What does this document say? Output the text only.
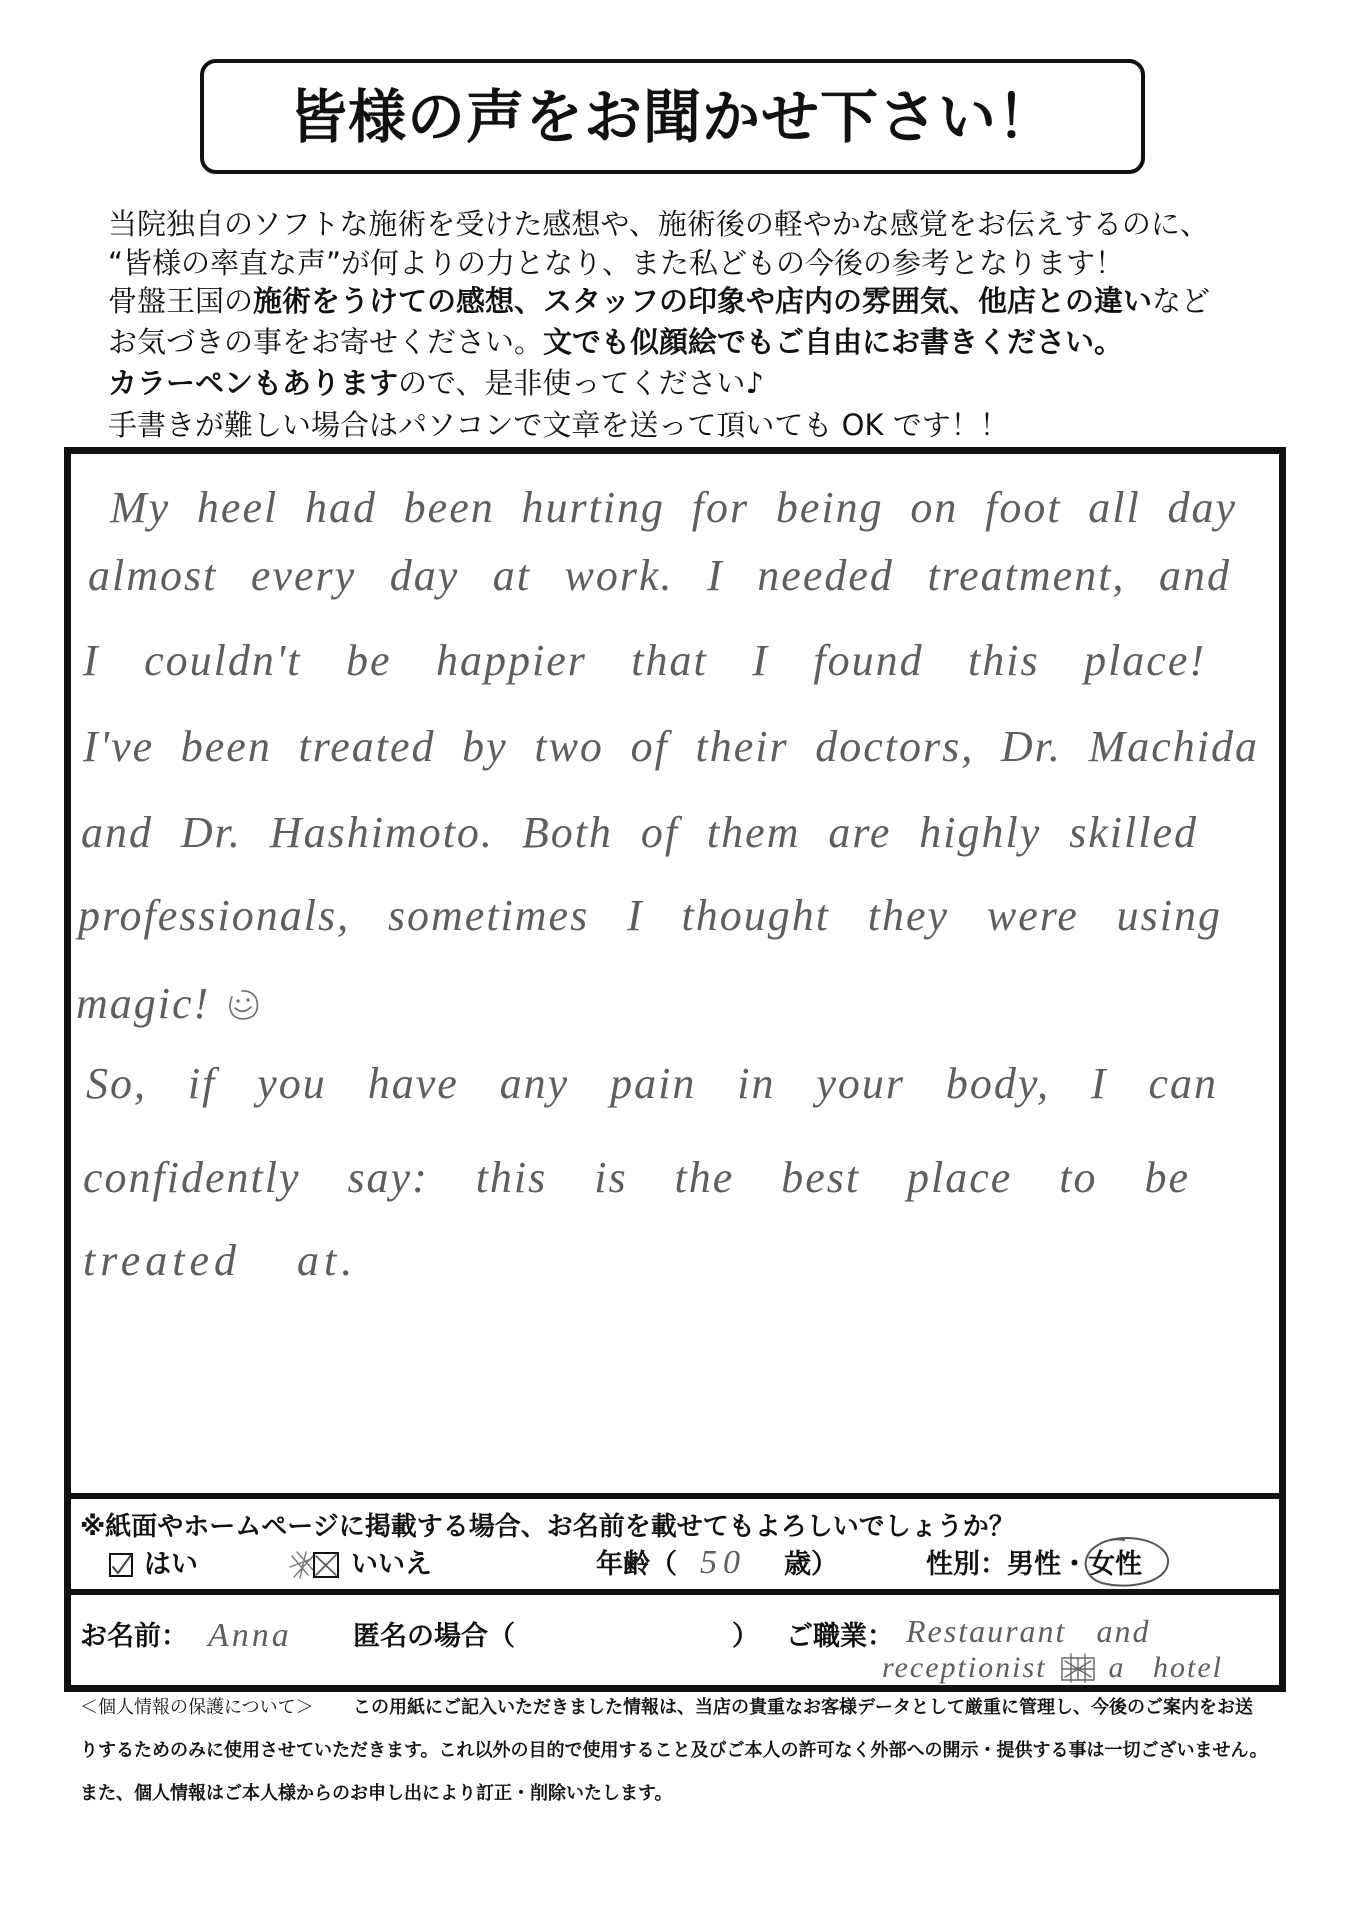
皆様の声をお聞かせ下さい！
当院独自のソフトな施術を受けた感想や、施術後の軽やかな感覚をお伝えするのに、
“皆様の率直な声”が何よりの力となり、また私どもの今後の参考となります！
骨盤王国の施術をうけての感想、スタッフの印象や店内の雰囲気、他店との違いなど
お気づきの事をお寄せください。文でも似顔絵でもご自由にお書きください。
カラーペンもありますので、是非使ってください♪
手書きが難しい場合はパソコンで文章を送って頂いても OK です！！
My heel had been hurting for being on foot all day
almost every day at work. I needed treatment, and
I couldn't be happier that I found this place!
I've been treated by two of their doctors, Dr. Machida
and Dr. Hashimoto. Both of them are highly skilled
professionals, sometimes I thought they were using
magic!
So, if you have any pain in your body, I can
confidently say: this is the best place to be
treated at.
※紙面やホームページに掲載する場合、お名前を載せてもよろしいでしょうか？
はい	いいえ	年齢（ 50 歳）	性別：男性・女性
お名前： Anna 匿名の場合（	） ご職業： Restaurant and
receptionist a hotel
＜個人情報の保護について＞ この用紙にご記入いただきました情報は、当店の貴重なお客様データとして厳重に管理し、今後のご案内をお送
りするためのみに使用させていただきます。これ以外の目的で使用すること及びご本人の許可なく外部への開示・提供する事は一切ございません。
また、個人情報はご本人様からのお申し出により訂正・削除いたします。
